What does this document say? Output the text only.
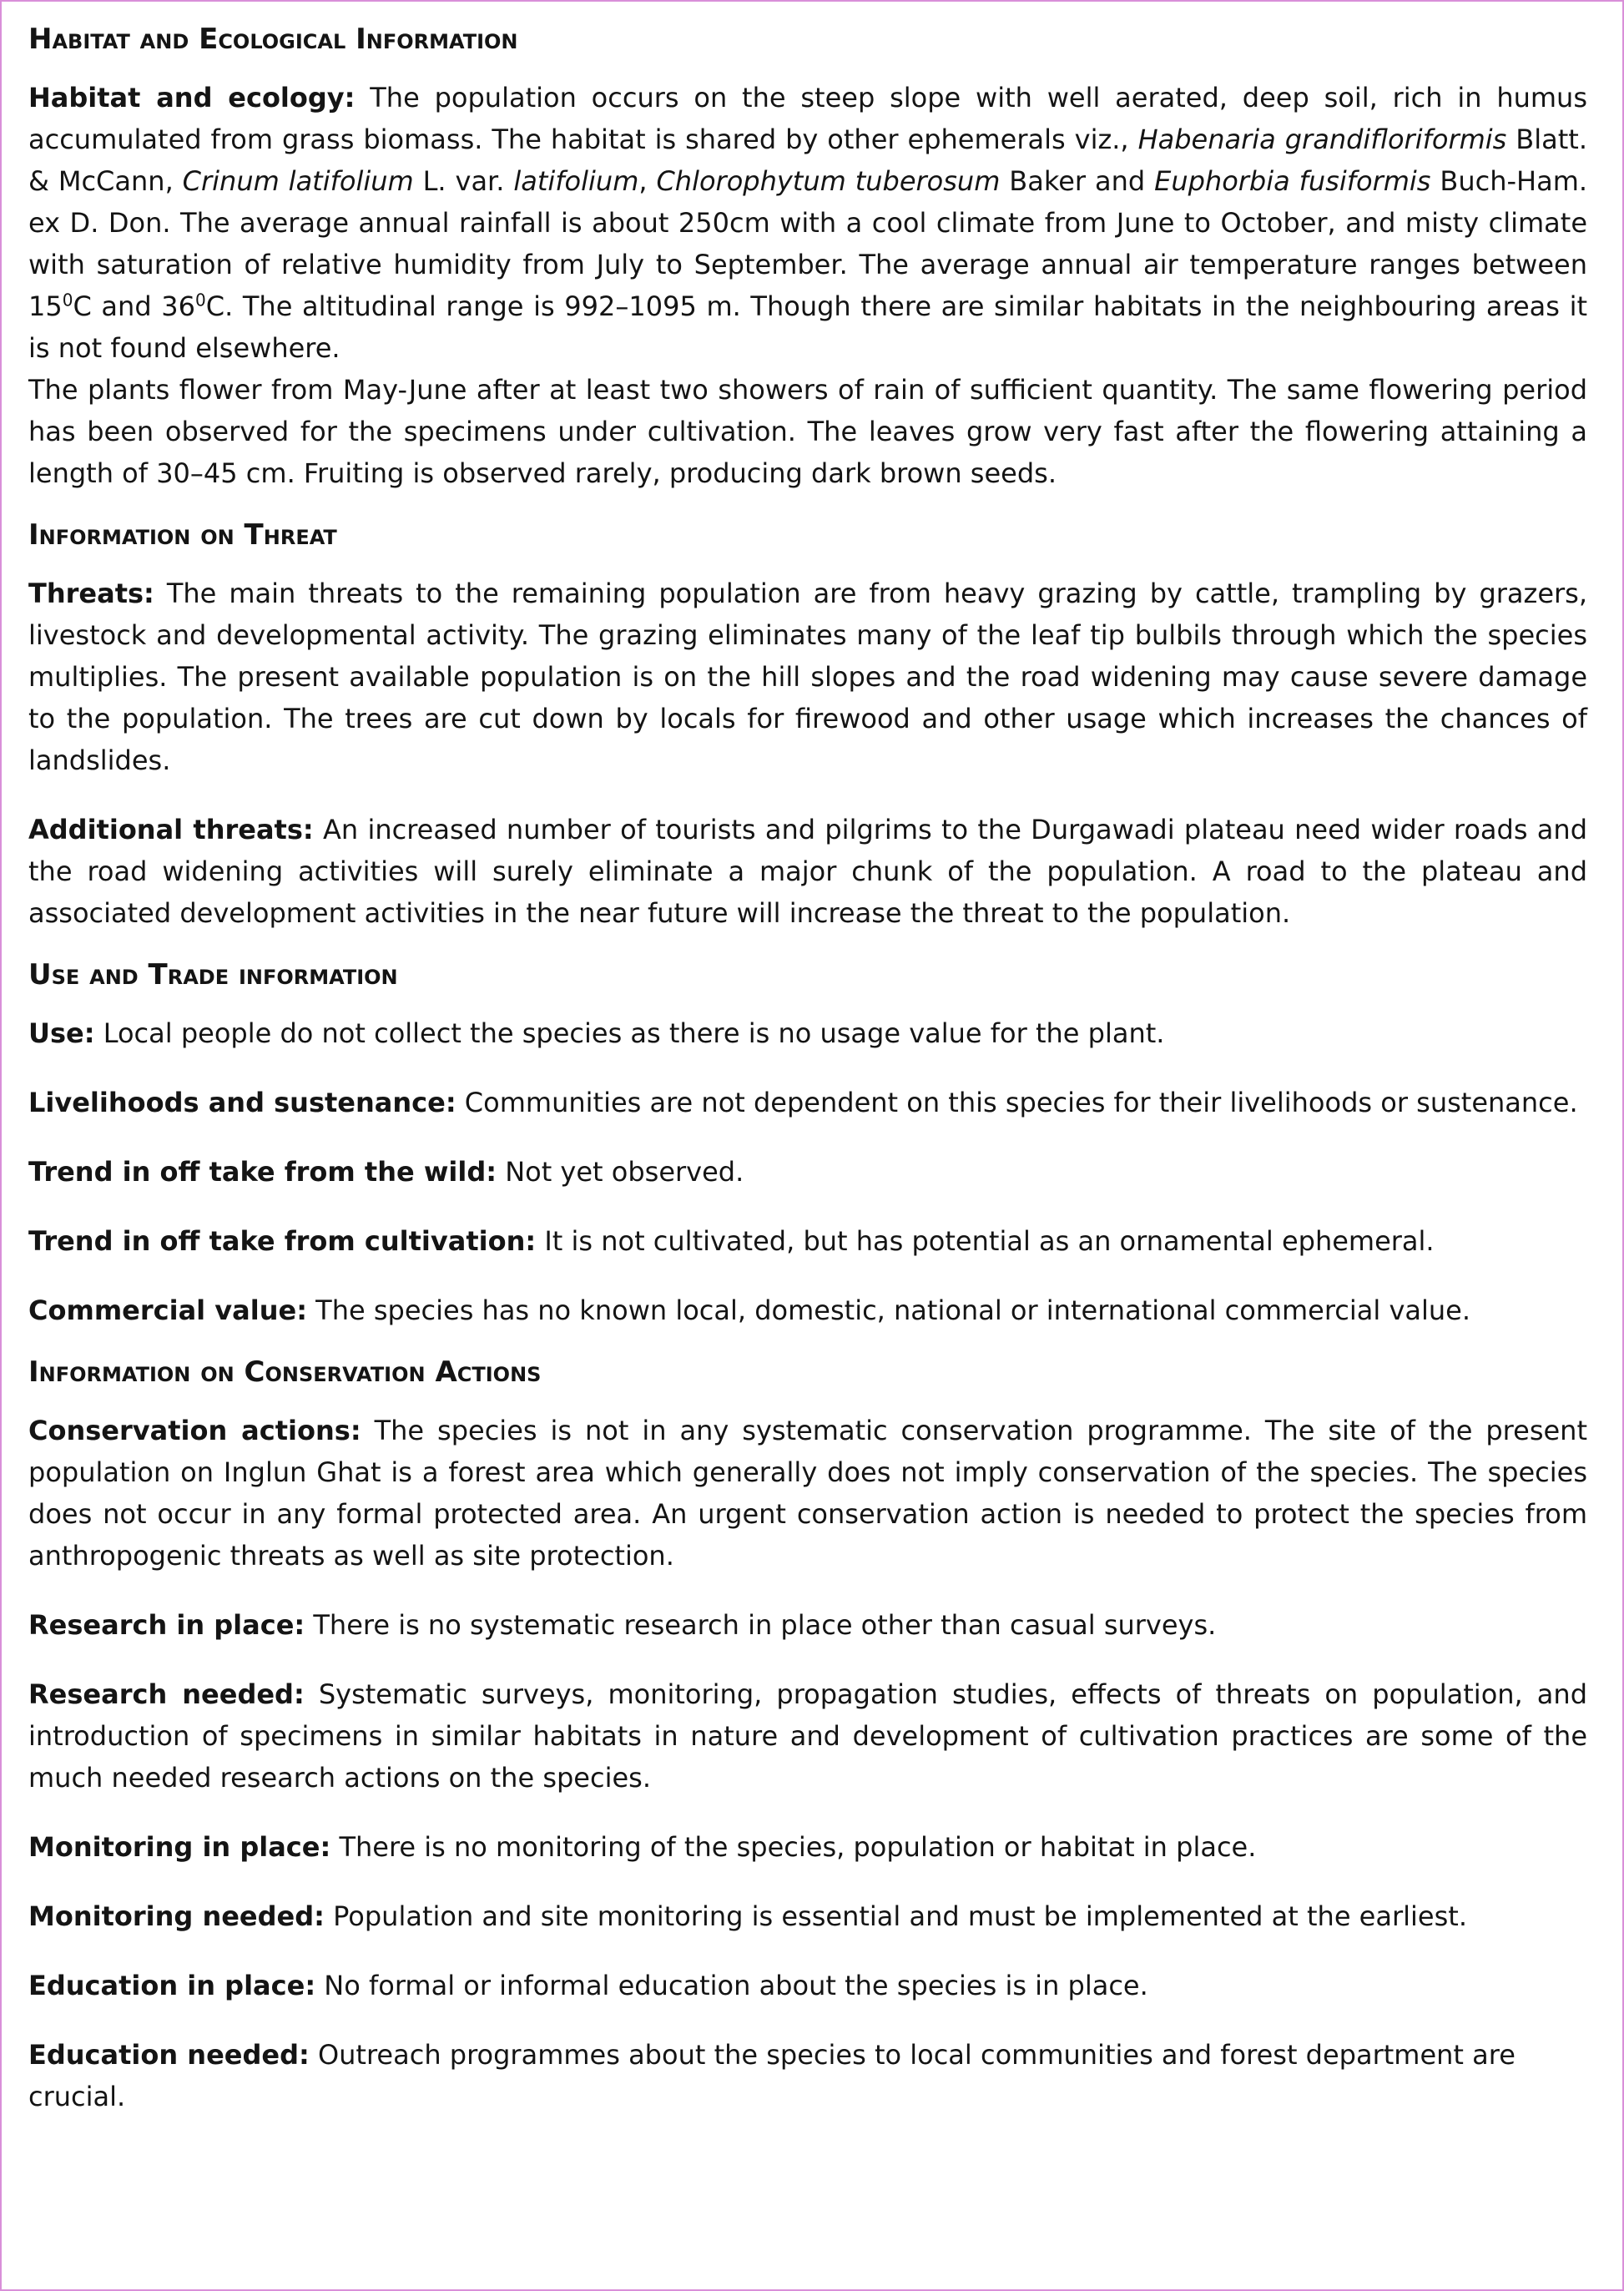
Habitat and Ecological Information

Habitat and ecology: The population occurs on the steep slope with well aerated, deep soil, rich in humus accumulated from grass biomass. The habitat is shared by other ephemerals viz., Habenaria grandifloriformis Blatt. & McCann, Crinum latifolium L. var. latifolium, Chlorophytum tuberosum Baker and Euphorbia fusiformis Buch-Ham. ex D. Don. The average annual rainfall is about 250cm with a cool climate from June to October, and misty climate with saturation of relative humidity from July to September. The average annual air temperature ranges between $15^0C$ and $36^0C$. The altitudinal range is 992–1095 m. Though there are similar habitats in the neighbouring areas it is not found elsewhere.

The plants flower from May-June after at least two showers of rain of sufficient quantity. The same flowering period has been observed for the specimens under cultivation. The leaves grow very fast after the flowering attaining a length of 30–45 cm. Fruiting is observed rarely, producing dark brown seeds.

Information on Threat

Threats: The main threats to the remaining population are from heavy grazing by cattle, trampling by grazers, livestock and developmental activity. The grazing eliminates many of the leaf tip bulbils through which the species multiplies. The present available population is on the hill slopes and the road widening may cause severe damage to the population. The trees are cut down by locals for firewood and other usage which increases the chances of landslides.

Additional threats: An increased number of tourists and pilgrims to the Durgawadi plateau need wider roads and the road widening activities will surely eliminate a major chunk of the population. A road to the plateau and associated development activities in the near future will increase the threat to the population.

Use and Trade information

Use: Local people do not collect the species as there is no usage value for the plant.

Livelihoods and sustenance: Communities are not dependent on this species for their livelihoods or sustenance.

Trend in off take from the wild: Not yet observed.

Trend in off take from cultivation: It is not cultivated, but has potential as an ornamental ephemeral.

Commercial value: The species has no known local, domestic, national or international commercial value.

Information on Conservation Actions

Conservation actions: The species is not in any systematic conservation programme. The site of the present population on Inglun Ghat is a forest area which generally does not imply conservation of the species. The species does not occur in any formal protected area. An urgent conservation action is needed to protect the species from anthropogenic threats as well as site protection.

Research in place: There is no systematic research in place other than casual surveys.

Research needed: Systematic surveys, monitoring, propagation studies, effects of threats on population, and introduction of specimens in similar habitats in nature and development of cultivation practices are some of the much needed research actions on the species.

Monitoring in place: There is no monitoring of the species, population or habitat in place.

Monitoring needed: Population and site monitoring is essential and must be implemented at the earliest.

Education in place: No formal or informal education about the species is in place.

Education needed: Outreach programmes about the species to local communities and forest department are crucial.
